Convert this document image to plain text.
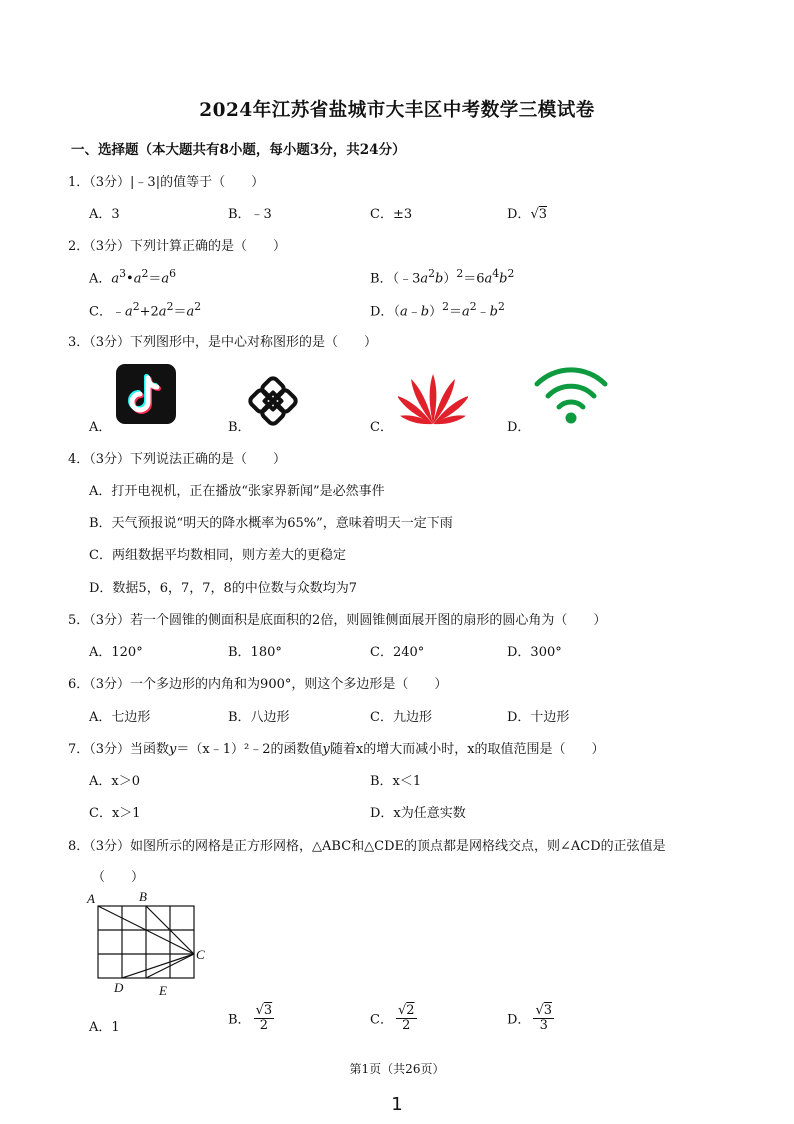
2024年江苏省盐城市大丰区中考数学三模试卷
一、选择题（本大题共有8小题，每小题3分，共24分）
1．（3分）|﹣3|的值等于（　　）
A．3	B．﹣3	C．±3	D．√3
2．（3分）下列计算正确的是（　　）
A．$a^3•a^2=a^6$	B．$(﹣3a^2b)^2=6a^4b^2$
C．$﹣a^2+2a^2=a^2$	D．$(a﹣b)^2=a^2﹣b^2$
3．（3分）下列图形中，是中心对称图形的是（　　）
A．	B．	C．	D．
4．（3分）下列说法正确的是（　　）
A．打开电视机，正在播放“张家界新闻”是必然事件
B．天气预报说“明天的降水概率为65%”，意味着明天一定下雨
C．两组数据平均数相同，则方差大的更稳定
D．数据5，6，7，7，8的中位数与众数均为7
5．（3分）若一个圆锥的侧面积是底面积的2倍，则圆锥侧面展开图的扇形的圆心角为（　　）
A．120°	B．180°	C．240°	D．300°
6．（3分）一个多边形的内角和为900°，则这个多边形是（　　）
A．七边形	B．八边形	C．九边形	D．十边形
7．（3分）当函数y＝（x﹣1）²﹣2的函数值y随着x的增大而减小时，x的取值范围是（　　）
A．x＞0	B．x＜1
C．x＞1	D．x为任意实数
8．（3分）如图所示的网格是正方形网格，△ABC和△CDE的顶点都是网格线交点，则∠ACD的正弦值是
（　　）
A	B
C
D	E
A．1	B． $\frac{√3}{2}$	C． $\frac{√2}{2}$	D． $\frac{√3}{3}$
第1页（共26页）
1
